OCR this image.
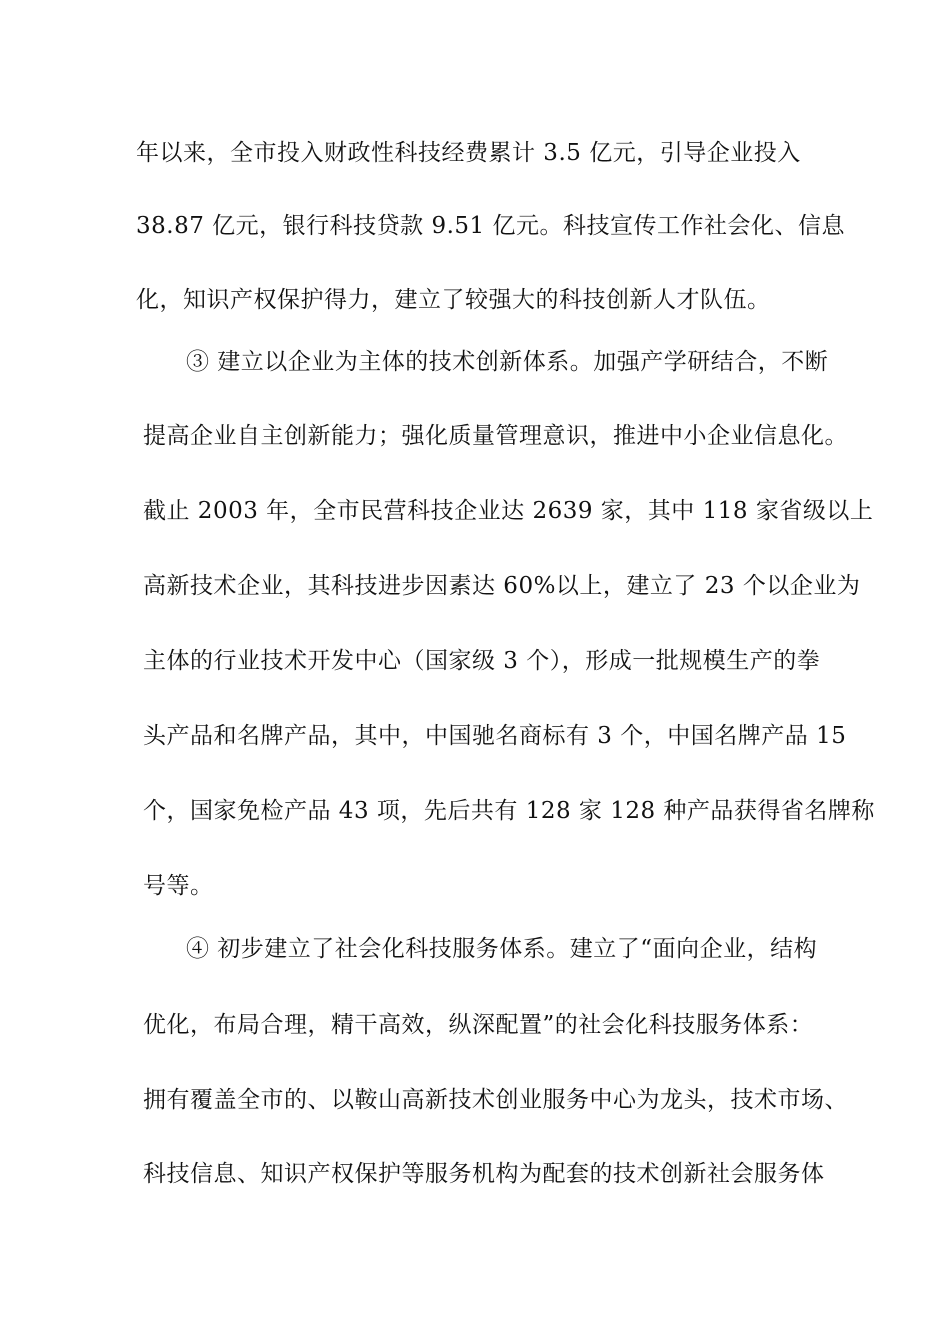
年以来，全市投入财政性科技经费累计 3.5 亿元，引导企业投入
38.87 亿元，银行科技贷款 9.51 亿元。科技宣传工作社会化、信息
化，知识产权保护得力，建立了较强大的科技创新人才队伍。
③ 建立以企业为主体的技术创新体系。加强产学研结合，不断
提高企业自主创新能力；强化质量管理意识，推进中小企业信息化。
截止 2003 年，全市民营科技企业达 2639 家，其中 118 家省级以上
高新技术企业，其科技进步因素达 60%以上，建立了 23 个以企业为
主体的行业技术开发中心（国家级 3 个），形成一批规模生产的拳
头产品和名牌产品，其中，中国驰名商标有 3 个，中国名牌产品 15
个，国家免检产品 43 项，先后共有 128 家 128 种产品获得省名牌称
号等。
④ 初步建立了社会化科技服务体系。建立了“面向企业，结构
优化，布局合理，精干高效，纵深配置”的社会化科技服务体系：
拥有覆盖全市的、以鞍山高新技术创业服务中心为龙头，技术市场、
科技信息、知识产权保护等服务机构为配套的技术创新社会服务体
